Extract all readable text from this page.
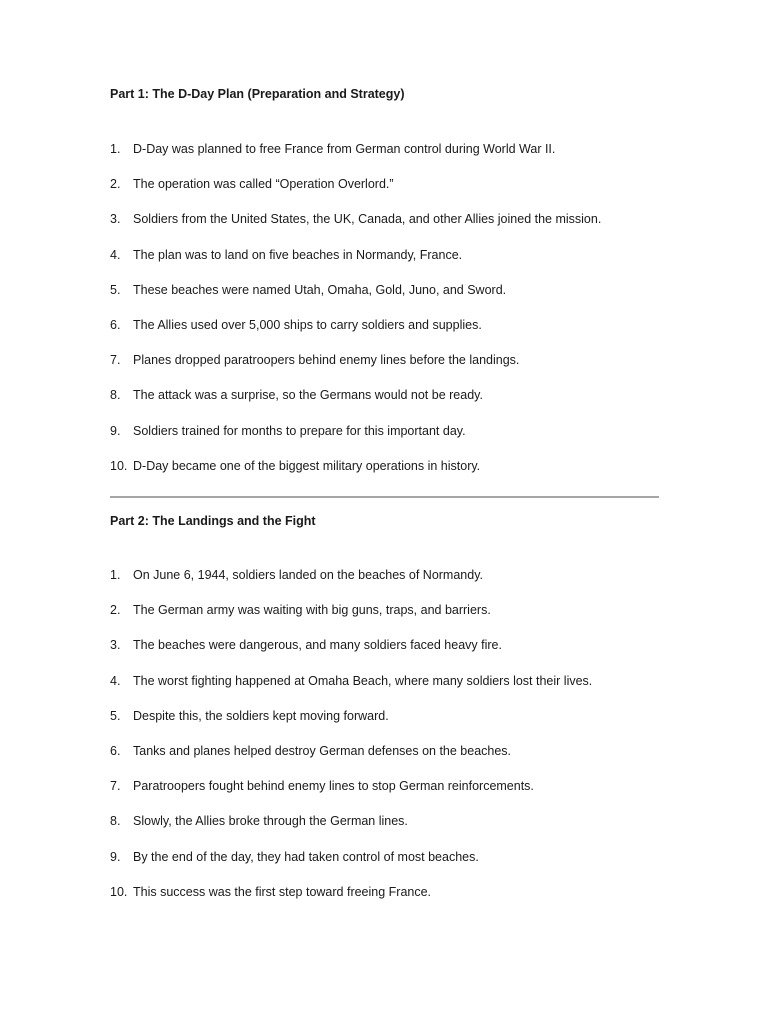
Part 1: The D-Day Plan (Preparation and Strategy)
1.	D-Day was planned to free France from German control during World War II.
2.	The operation was called “Operation Overlord.”
3.	Soldiers from the United States, the UK, Canada, and other Allies joined the mission.
4.	The plan was to land on five beaches in Normandy, France.
5.	These beaches were named Utah, Omaha, Gold, Juno, and Sword.
6.	The Allies used over 5,000 ships to carry soldiers and supplies.
7.	Planes dropped paratroopers behind enemy lines before the landings.
8.	The attack was a surprise, so the Germans would not be ready.
9.	Soldiers trained for months to prepare for this important day.
10. D-Day became one of the biggest military operations in history.
Part 2: The Landings and the Fight
1.	On June 6, 1944, soldiers landed on the beaches of Normandy.
2.	The German army was waiting with big guns, traps, and barriers.
3.	The beaches were dangerous, and many soldiers faced heavy fire.
4.	The worst fighting happened at Omaha Beach, where many soldiers lost their lives.
5.	Despite this, the soldiers kept moving forward.
6.	Tanks and planes helped destroy German defenses on the beaches.
7.	Paratroopers fought behind enemy lines to stop German reinforcements.
8.	Slowly, the Allies broke through the German lines.
9.	By the end of the day, they had taken control of most beaches.
10. This success was the first step toward freeing France.
